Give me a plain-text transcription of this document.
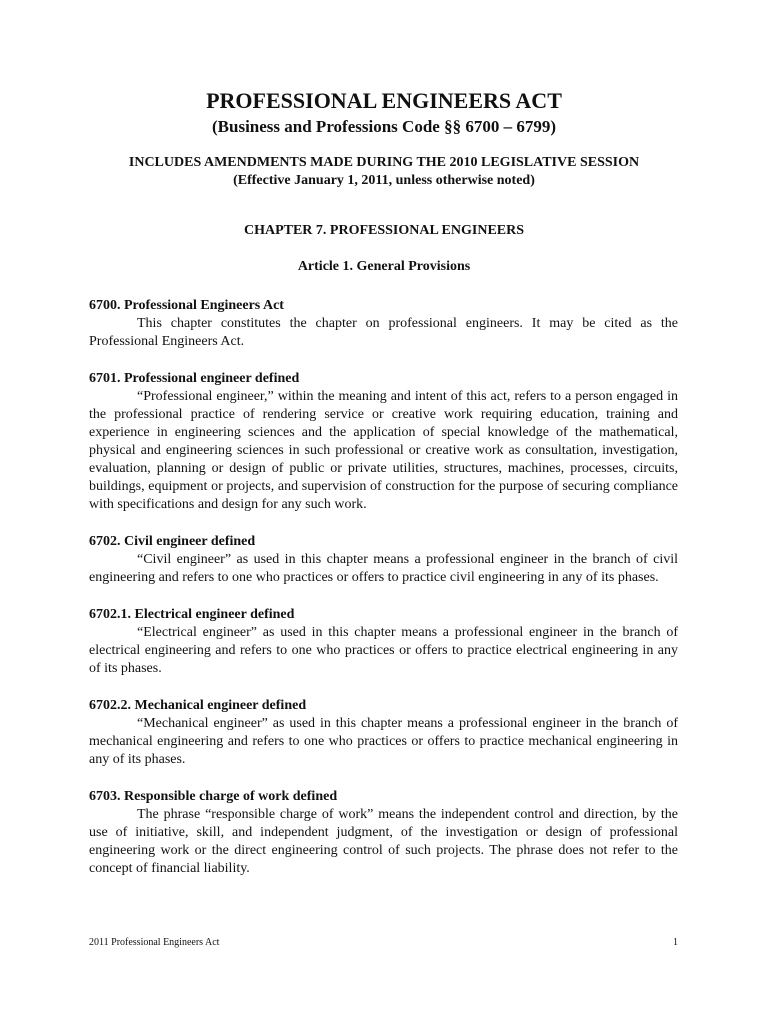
PROFESSIONAL ENGINEERS ACT
(Business and Professions Code §§ 6700 – 6799)
INCLUDES AMENDMENTS MADE DURING THE 2010 LEGISLATIVE SESSION
(Effective January 1, 2011, unless otherwise noted)
CHAPTER 7. PROFESSIONAL ENGINEERS
Article 1. General Provisions

6700. Professional Engineers Act

This chapter constitutes the chapter on professional engineers. It may be cited as the Professional Engineers Act.

6701. Professional engineer defined

“Professional engineer,” within the meaning and intent of this act, refers to a person engaged in the professional practice of rendering service or creative work requiring education, training and experience in engineering sciences and the application of special knowledge of the mathematical, physical and engineering sciences in such professional or creative work as consultation, investigation, evaluation, planning or design of public or private utilities, structures, machines, processes, circuits, buildings, equipment or projects, and supervision of construction for the purpose of securing compliance with specifications and design for any such work.

6702. Civil engineer defined

“Civil engineer” as used in this chapter means a professional engineer in the branch of civil engineering and refers to one who practices or offers to practice civil engineering in any of its phases.

6702.1. Electrical engineer defined

“Electrical engineer” as used in this chapter means a professional engineer in the branch of electrical engineering and refers to one who practices or offers to practice electrical engineering in any of its phases.

6702.2. Mechanical engineer defined

“Mechanical engineer” as used in this chapter means a professional engineer in the branch of mechanical engineering and refers to one who practices or offers to practice mechanical engineering in any of its phases.

6703. Responsible charge of work defined

The phrase “responsible charge of work” means the independent control and direction, by the use of initiative, skill, and independent judgment, of the investigation or design of professional engineering work or the direct engineering control of such projects. The phrase does not refer to the concept of financial liability.

2011 Professional Engineers Act	1
